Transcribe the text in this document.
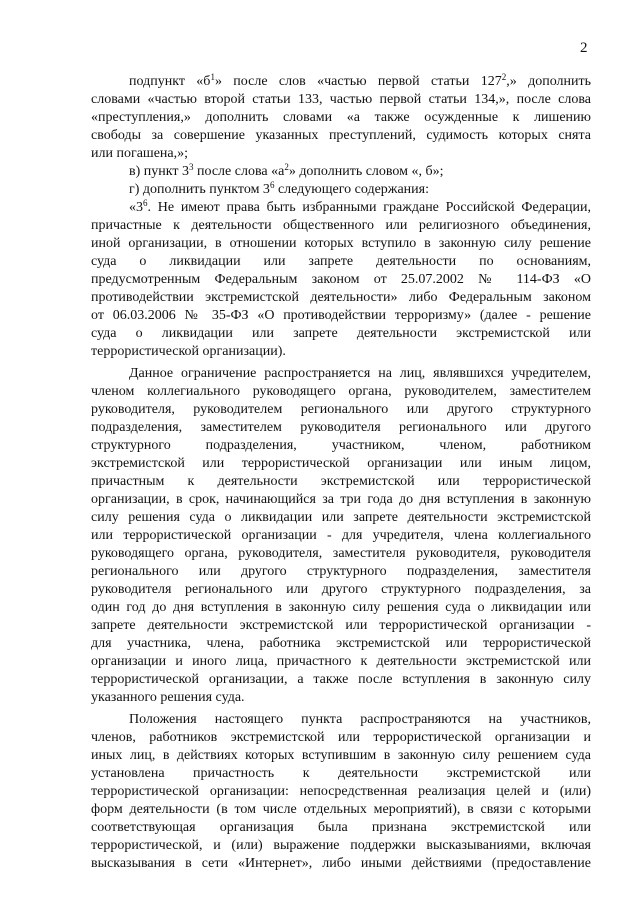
2
подпункт «$б^1$» после слов «частью первой статьи $127^2$,» дополнить
словами «частью второй статьи 133, частью первой статьи 134,», после слова
«преступления,» дополнить словами «а также осужденные к лишению
свободы за совершение указанных преступлений, судимость которых снята
или погашена,»;
в) пункт $3^3$ после слова «$а^2$» дополнить словом «, б»;
г) дополнить пунктом $3^6$ следующего содержания:
«$3^6$. Не имеют права быть избранными граждане Российской Федерации,
причастные к деятельности общественного или религиозного объединения,
иной организации, в отношении которых вступило в законную силу решение
суда о ликвидации или запрете деятельности по основаниям,
предусмотренным Федеральным законом от 25.07.2002 № 114-ФЗ «О
противодействии экстремистской деятельности» либо Федеральным законом
от 06.03.2006 № 35-ФЗ «О противодействии терроризму» (далее - решение
суда о ликвидации или запрете деятельности экстремистской или
террористической организации).
Данное ограничение распространяется на лиц, являвшихся учредителем,
членом коллегиального руководящего органа, руководителем, заместителем
руководителя, руководителем регионального или другого структурного
подразделения, заместителем руководителя регионального или другого
структурного подразделения, участником, членом, работником
экстремистской или террористической организации или иным лицом,
причастным к деятельности экстремистской или террористической
организации, в срок, начинающийся за три года до дня вступления в законную
силу решения суда о ликвидации или запрете деятельности экстремистской
или террористической организации - для учредителя, члена коллегиального
руководящего органа, руководителя, заместителя руководителя, руководителя
регионального или другого структурного подразделения, заместителя
руководителя регионального или другого структурного подразделения, за
один год до дня вступления в законную силу решения суда о ликвидации или
запрете деятельности экстремистской или террористической организации -
для участника, члена, работника экстремистской или террористической
организации и иного лица, причастного к деятельности экстремистской или
террористической организации, а также после вступления в законную силу
указанного решения суда.
Положения настоящего пункта распространяются на участников,
членов, работников экстремистской или террористической организации и
иных лиц, в действиях которых вступившим в законную силу решением суда
установлена причастность к деятельности экстремистской или
террористической организации: непосредственная реализация целей и (или)
форм деятельности (в том числе отдельных мероприятий), в связи с которыми
соответствующая организация была признана экстремистской или
террористической, и (или) выражение поддержки высказываниями, включая
высказывания в сети «Интернет», либо иными действиями (предоставление
